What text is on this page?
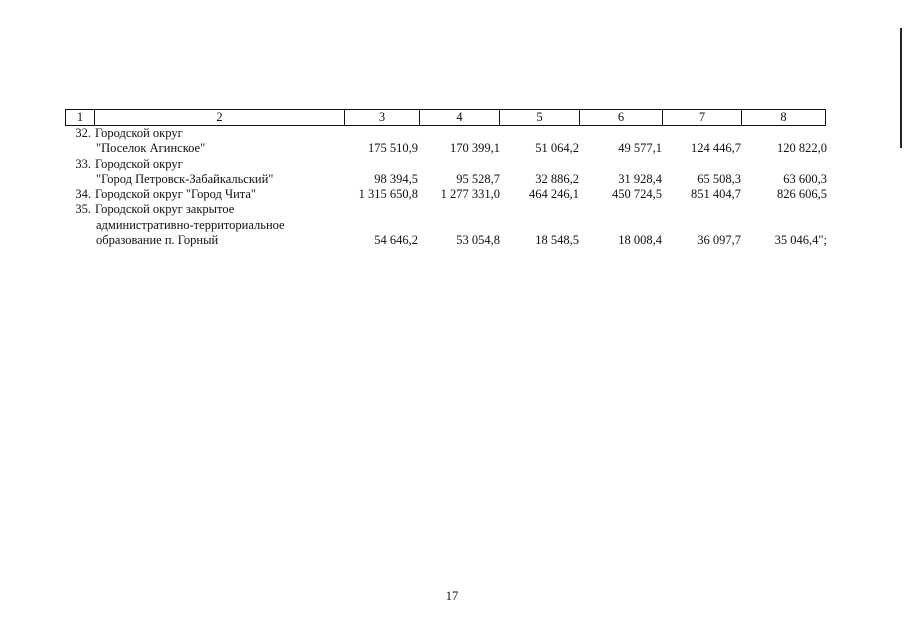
1	2	3	4	5	6	7	8
32. Городской округ
"Поселок Агинское"	175 510,9	170 399,1	51 064,2	49 577,1	124 446,7	120 822,0
33. Городской округ
"Город Петровск-Забайкальский"	98 394,5	95 528,7	32 886,2	31 928,4	65 508,3	63 600,3
34. Городской округ "Город Чита"	1 315 650,8	1 277 331,0	464 246,1	450 724,5	851 404,7	826 606,5
35. Городской округ закрытое
административно-территориальное
образование п. Горный	54 646,2	53 054,8	18 548,5	18 008,4	36 097,7	35 046,4";
17
